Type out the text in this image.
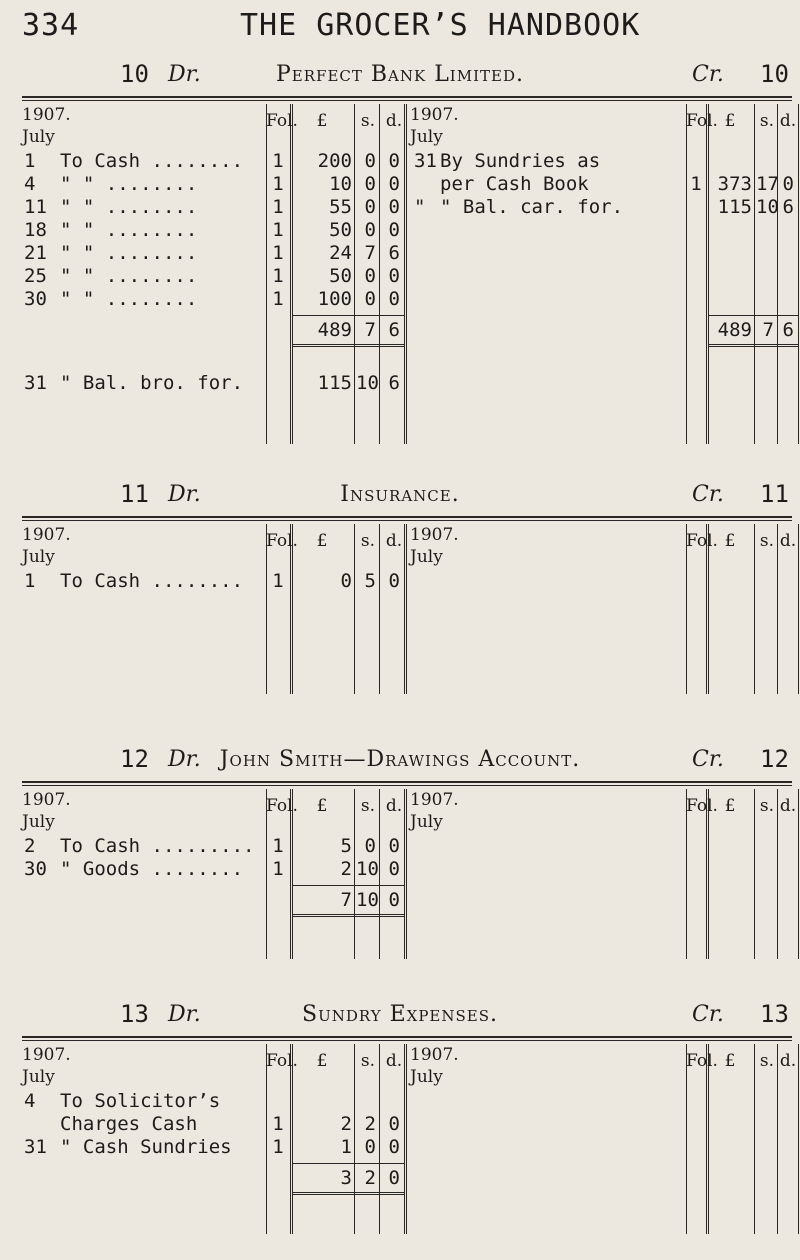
334	THE GROCER’S HANDBOOK
10 Dr.	Perfect Bank Limited.	Cr. 10
1907.
July
Fol.	£	s. d. 1907.
July
Fol. £	s. d.
1	To Cash ........	1	200 0 0
4	" " ........	1	10 0 0
11 " " ........	1	55 0 0
18 " " ........	1	50 0 0
21 " " ........	1	24 7 6
25 " " ........	1	50 0 0
30 " " ........	1	100 0 0
489 7 6
31 " Bal. bro. for.	115 10 6
31 By Sundries as
per Cash Book	1 373 17 0
" " Bal. car. for.	115 10 6
489 7 6
11 Dr.	Insurance.	Cr. 11
1907.
July
Fol.	£	s. d. 1907.
July
Fol. £	s. d.
1	To Cash ........	1	0 5 0
12 Dr. John Smith—Drawings Account.	Cr. 12
1907.
July
Fol.	£	s. d. 1907.
July
Fol. £	s. d.
2	To Cash ......... 1	5 0 0
30 " Goods ........	1	2 10 0
7 10 0
13 Dr.	Sundry Expenses.	Cr. 13
1907.
July
Fol.	£	s. d. 1907.
July
Fol. £	s. d.
4	To Solicitor’s
Charges Cash	1	2 2 0
31 " Cash Sundries	1	1 0 0
3 2 0
